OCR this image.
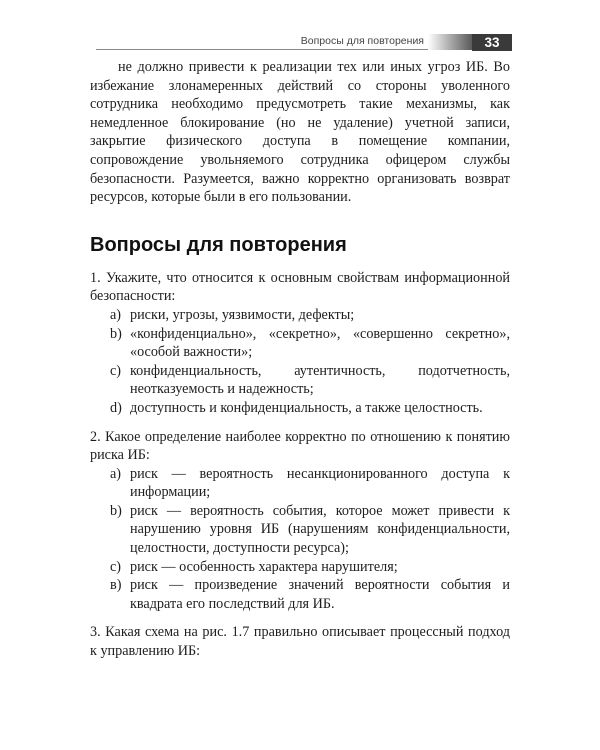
Вопросы для повторения	33

не должно привести к реализации тех или иных угроз ИБ. Во избежание злонамеренных действий со стороны уволенного сотрудника необходимо предусмотреть такие механизмы, как немедленное блокирование (но не удаление) учетной записи, закрытие физического доступа в помещение компании, сопровождение увольняемого сотрудника офицером службы безопасности. Разумеется, важно корректно организовать возврат ресурсов, которые были в его пользовании.

Вопросы для повторения

1. Укажите, что относится к основным свойствам информационной безопасности:

a) риски, угрозы, уязвимости, дефекты;
b) «конфиденциально», «секретно», «совершенно секретно», «особой важности»;
c) конфиденциальность, аутентичность, подотчетность, неотказуемость и надежность;
d) доступность и конфиденциальность, а также целостность.

2. Какое определение наиболее корректно по отношению к понятию риска ИБ:

a) риск — вероятность несанкционированного доступа к информации;
b) риск — вероятность события, которое может привести к нарушению уровня ИБ (нарушениям конфиденциальности, целостности, доступности ресурса);
c) риск — особенность характера нарушителя;
в) риск — произведение значений вероятности события и квадрата его последствий для ИБ.

3. Какая схема на рис. 1.7 правильно описывает процессный подход к управлению ИБ:
